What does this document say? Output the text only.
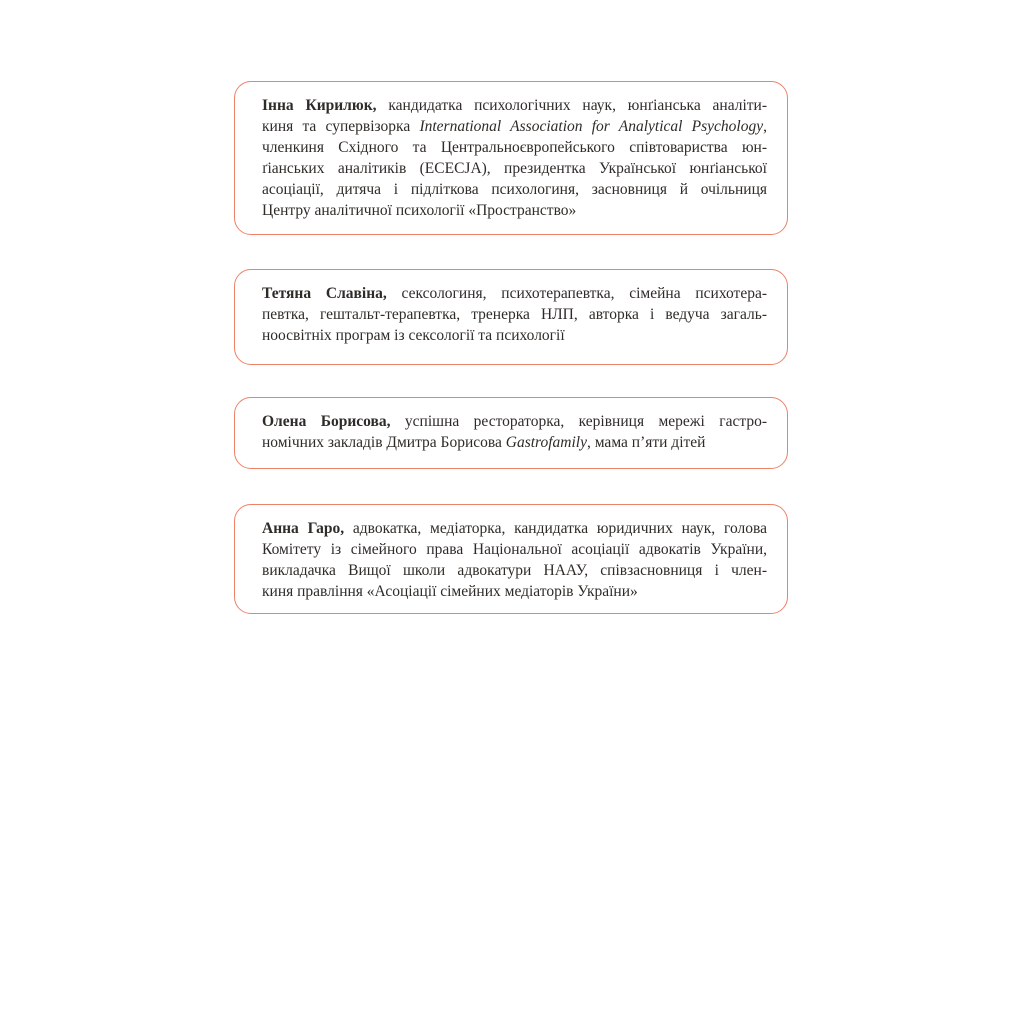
Інна Кирилюк, кандидатка психологічних наук, юнґіанська аналіти-
киня та супервізорка International Association for Analytical Psychology,
членкиня Східного та Центральноєвропейського співтовариства юн-
ґіанських аналітиків (ECECJA), президентка Української юнґіанської
асоціації, дитяча і підліткова психологиня, засновниця й очільниця
Центру аналітичної психології «Пространство»

Тетяна Славіна, сексологиня, психотерапевтка, сімейна психотера-
певтка, гештальт-терапевтка, тренерка НЛП, авторка і ведуча загаль-
ноосвітніх програм із сексології та психології

Олена Борисова, успішна рестораторка, керівниця мережі гастро-
номічних закладів Дмитра Борисова Gastrofamily, мама п’яти дітей

Анна Гаро, адвокатка, медіаторка, кандидатка юридичних наук, голова
Комітету із сімейного права Національної асоціації адвокатів України,
викладачка Вищої школи адвокатури НААУ, співзасновниця і член-
киня правління «Асоціації сімейних медіаторів України»
